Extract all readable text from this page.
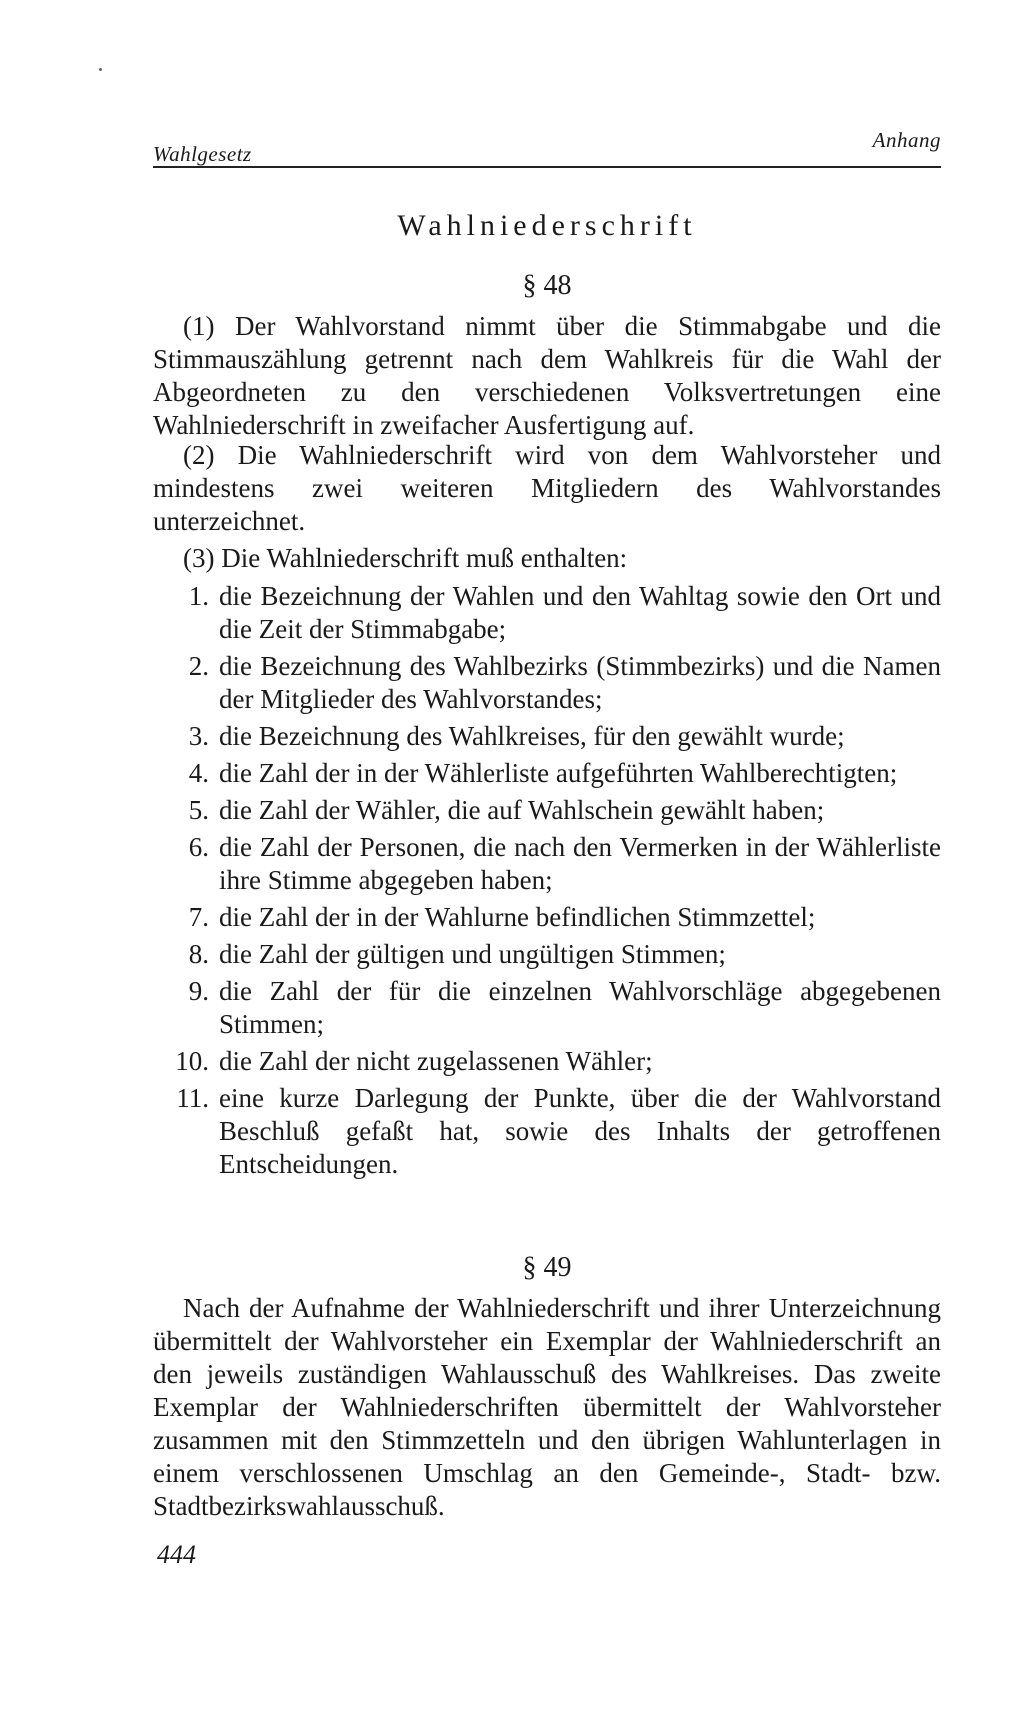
Wahlgesetz
Anhang
Wahlniederschrift
§ 48

(1) Der Wahlvorstand nimmt über die Stimmabgabe und die Stimmauszählung getrennt nach dem Wahlkreis für die Wahl der Abgeordneten zu den verschiedenen Volksvertretungen eine Wahlniederschrift in zweifacher Ausfertigung auf.

(2) Die Wahlniederschrift wird von dem Wahlvorsteher und mindestens zwei weiteren Mitgliedern des Wahlvorstandes unterzeichnet.

(3) Die Wahlniederschrift muß enthalten:

1. die Bezeichnung der Wahlen und den Wahltag sowie den Ort und die Zeit der Stimmabgabe;
2. die Bezeichnung des Wahlbezirks (Stimmbezirks) und die Namen der Mitglieder des Wahlvorstandes;
3. die Bezeichnung des Wahlkreises, für den gewählt wurde;
4. die Zahl der in der Wählerliste aufgeführten Wahlberechtigten;
5. die Zahl der Wähler, die auf Wahlschein gewählt haben;
6. die Zahl der Personen, die nach den Vermerken in der Wählerliste ihre Stimme abgegeben haben;
7. die Zahl der in der Wahlurne befindlichen Stimmzettel;
8. die Zahl der gültigen und ungültigen Stimmen;
9. die Zahl der für die einzelnen Wahlvorschläge abgegebenen Stimmen;
10. die Zahl der nicht zugelassenen Wähler;
11. eine kurze Darlegung der Punkte, über die der Wahlvorstand Beschluß gefaßt hat, sowie des Inhalts der getroffenen Entscheidungen.
§ 49

Nach der Aufnahme der Wahlniederschrift und ihrer Unterzeichnung übermittelt der Wahlvorsteher ein Exemplar der Wahlniederschrift an den jeweils zuständigen Wahlausschuß des Wahlkreises. Das zweite Exemplar der Wahlniederschriften übermittelt der Wahlvorsteher zusammen mit den Stimmzetteln und den übrigen Wahlunterlagen in einem verschlossenen Umschlag an den Gemeinde-, Stadt- bzw. Stadtbezirkswahlausschuß.

444
